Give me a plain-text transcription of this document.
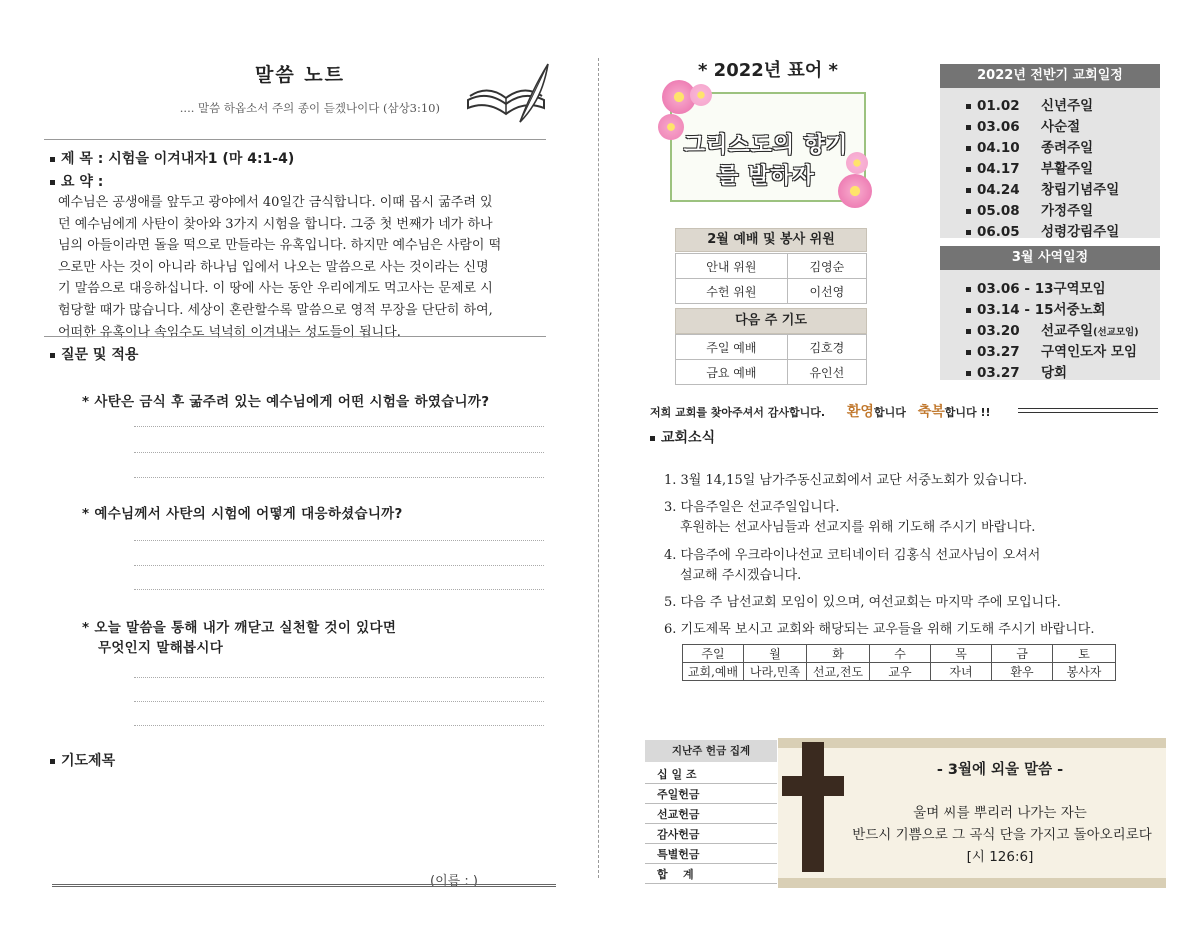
말씀 노트
.... 말씀 하옵소서 주의 종이 듣겠나이다 (삼상3:10)
제 목 : 시험을 이겨내자1 (마 4:1-4)
요 약 :
예수님은 공생애를 앞두고 광야에서 40일간 금식합니다. 이때 몹시 굶주려 있
던 예수님에게 사탄이 찾아와 3가지 시험을 합니다. 그중 첫 번째가 네가 하나
님의 아들이라면 돌을 떡으로 만들라는 유혹입니다. 하지만 예수님은 사람이 떡
으로만 사는 것이 아니라 하나님 입에서 나오는 말씀으로 사는 것이라는 신명
기 말씀으로 대응하십니다. 이 땅에 사는 동안 우리에게도 먹고사는 문제로 시
험당할 때가 많습니다. 세상이 혼란할수록 말씀으로 영적 무장을 단단히 하여,
어떠한 유혹이나 속임수도 넉넉히 이겨내는 성도들이 됩니다.
질문 및 적용
* 사탄은 금식 후 굶주려 있는 예수님에게 어떤 시험을 하였습니까?
* 예수님께서 사탄의 시험에 어떻게 대응하셨습니까?
* 오늘 말씀을 통해 내가 깨닫고 실천할 것이 있다면
무엇인지 말해봅시다
기도제목
(이름 : )
* 2022년 표어 *
그리스도의 향기를 발하자
2월 예배 및 봉사 위원
안내 위원	김영순
수헌 위원	이선영
다음 주 기도
주일 예배	김호경
금요 예배	유인선
2022년 전반기 교회일정
01.02 신년주일
03.06 사순절
04.10 종려주일
04.17 부활주일
04.24 창립기념주일
05.08 가정주일
06.05 성령강림주일
3월 사역일정
03.06 - 13구역모임
03.14 - 15서중노회
03.20 선교주일(선교모임)
03.27 구역인도자 모임
03.27 당회
저희 교회를 찾아주셔서 감사합니다. 환영합니다 축복합니다 !!
교회소식
1. 3월 14,15일 남가주동신교회에서 교단 서중노회가 있습니다.
3. 다음주일은 선교주일입니다.
후원하는 선교사님들과 선교지를 위해 기도해 주시기 바랍니다.
4. 다음주에 우크라이나선교 코티네이터 김홍식 선교사님이 오셔서
설교해 주시겠습니다.
5. 다음 주 남선교회 모임이 있으며, 여선교회는 마지막 주에 모입니다.
6. 기도제목 보시고 교회와 해당되는 교우들을 위해 기도해 주시기 바랍니다.
주일	월	화	수	목	금	토
교회,예배	나라,민족	선교,전도	교우	자녀	환우	봉사자
지난주 헌금 집계
십 일 조
주일헌금
선교헌금
감사헌금
특별헌금
합    계
- 3월에 외울 말씀 -
울며 씨를 뿌리러 나가는 자는
반드시 기쁨으로 그 곡식 단을 가지고 돌아오리로다
[시 126:6]
